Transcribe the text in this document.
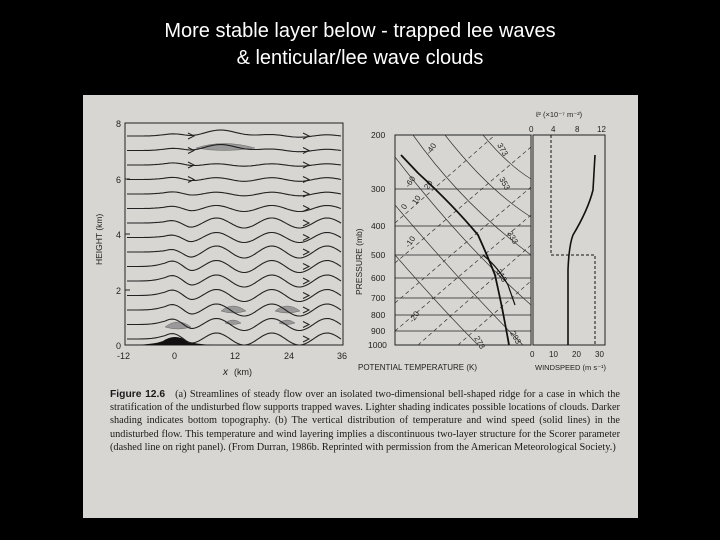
More stable layer below - trapped lee waves
& lenticular/lee wave clouds
0
2
4
6
8
HEIGHT (km)
-12	0	12	24	36
x (km)
200
300
400
500
600
700
800
900
1000
PRESSURE (mb)
-60
-40
-20
-10
0
10
20
373
353
333
313
293
273
POTENTIAL TEMPERATURE (K)
ℓ² (×10⁻⁷ m⁻²)
0 4 8 12
0 10 20 30
WINDSPEED (m s⁻¹)
Figure 12.6 (a) Streamlines of steady flow over an isolated two-dimensional bell-shaped ridge for a case in which the stratification of the undisturbed flow supports trapped waves. Lighter shading indicates possible locations of clouds. Darker shading indicates bottom topography. (b) The vertical distribution of temperature and wind speed (solid lines) in the undisturbed flow. This temperature and wind layering implies a discontinuous two-layer structure for the Scorer parameter (dashed line on right panel). (From Durran, 1986b. Reprinted with permission from the American Meteorological Society.)
